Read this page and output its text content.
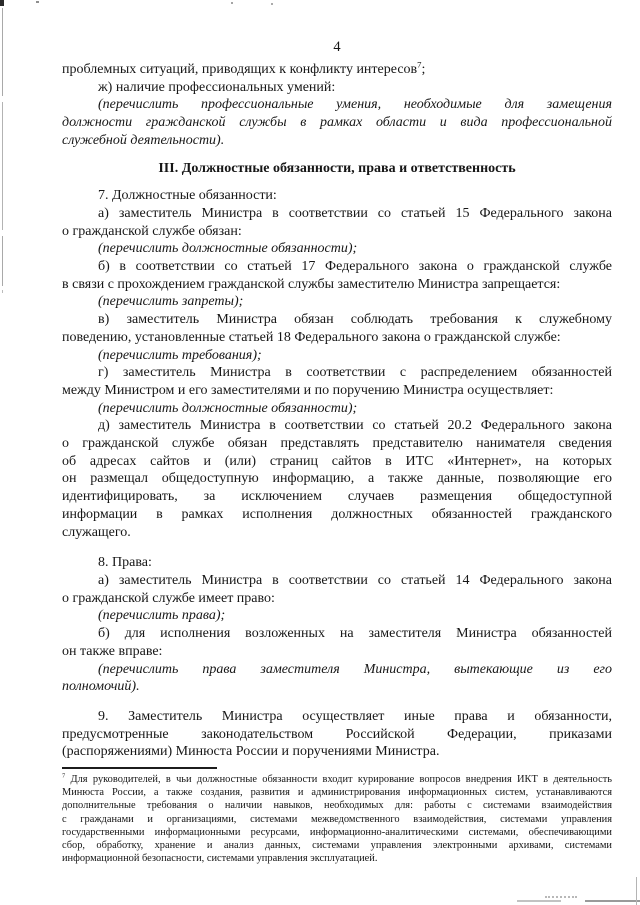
4
проблемных ситуаций, приводящих к конфликту интересов$^7$;
ж) наличие профессиональных умений:
(перечислить профессиональные умения, необходимые для замещения
должности гражданской службы в рамках области и вида профессиональной
служебной деятельности).
III. Должностные обязанности, права и ответственность
7. Должностные обязанности:
а) заместитель Министра в соответствии со статьей 15 Федерального закона
о гражданской службе обязан:
(перечислить должностные обязанности);
б) в соответствии со статьей 17 Федерального закона о гражданской службе
в связи с прохождением гражданской службы заместителю Министра запрещается:
(перечислить запреты);
в) заместитель Министра обязан соблюдать требования к служебному
поведению, установленные статьей 18 Федерального закона о гражданской службе:
(перечислить требования);
г) заместитель Министра в соответствии с распределением обязанностей
между Министром и его заместителями и по поручению Министра осуществляет:
(перечислить должностные обязанности);
д) заместитель Министра в соответствии со статьей 20.2 Федерального закона
о гражданской службе обязан представлять представителю нанимателя сведения
об адресах сайтов и (или) страниц сайтов в ИТС «Интернет», на которых
он размещал общедоступную информацию, а также данные, позволяющие его
идентифицировать, за исключением случаев размещения общедоступной
информации в рамках исполнения должностных обязанностей гражданского
служащего.
8. Права:
а) заместитель Министра в соответствии со статьей 14 Федерального закона
о гражданской службе имеет право:
(перечислить права);
б) для исполнения возложенных на заместителя Министра обязанностей
он также вправе:
(перечислить права заместителя Министра, вытекающие из его
полномочий).
9. Заместитель Министра осуществляет иные права и обязанности,
предусмотренные законодательством Российской Федерации, приказами
(распоряжениями) Минюста России и поручениями Министра.
$^7$ Для руководителей, в чьи должностные обязанности входит курирование вопросов внедрения ИКТ в деятельность
Минюста России, а также создания, развития и администрирования информационных систем, устанавливаются
дополнительные требования о наличии навыков, необходимых для: работы с системами взаимодействия
с гражданами и организациями, системами межведомственного взаимодействия, системами управления
государственными информационными ресурсами, информационно-аналитическими системами, обеспечивающими
сбор, обработку, хранение и анализ данных, системами управления электронными архивами, системами
информационной безопасности, системами управления эксплуатацией.
